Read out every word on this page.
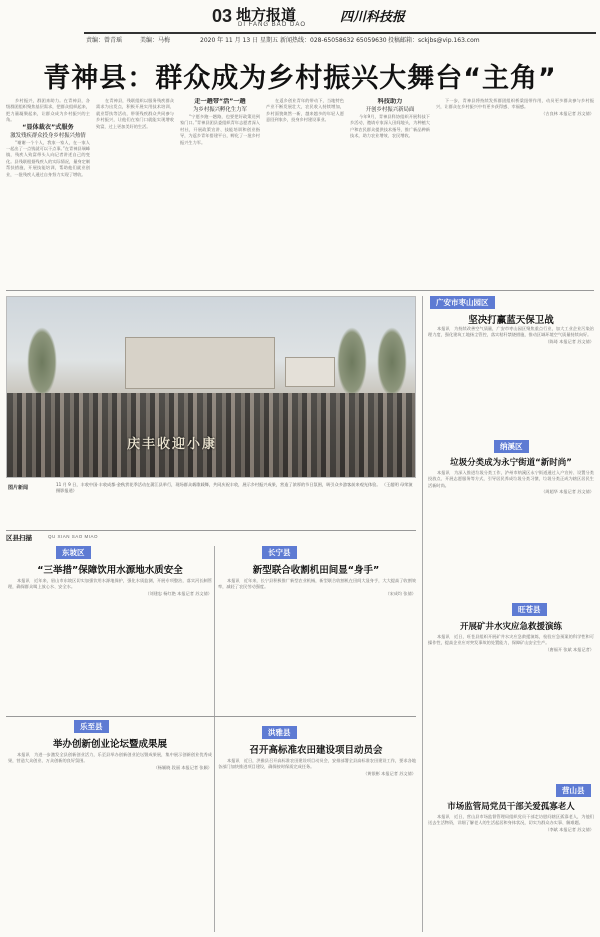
03 地方报道
DI FANG BAO DAO	四川科技报
责编：曾青瑶	美编：马梅	2020 年 11 月 13 日 星期五 新闻热线：028-65058632 65059630 投稿邮箱：sckjbs@vip.163.com
青神县：群众成为乡村振兴大舞台“主角”

乡村振兴，群团来助力。在青神县，各级群团组织聚焦基层需求，把群众组织起来，把力量凝聚起来，让群众成为乡村振兴的主角。

“显体裁衣”式服务
激发残疾群众投身乡村振兴热情

“谢谢一个个人，我家一家人，在一家人一起出了一点钱就可以干点事。”在青神县瑞峰镇，残疾人致富带头人向记者讲述自己的变化。县残联根据残疾人的实际情况，量身定制帮扶措施，开展技能培训，帮助他们就业创业，一批残疾人通过自身努力实现了增收。

在青神县，残联组织以服务残疾群众需求为出发点，积极开展实用技术培训、就业帮扶等活动，带领残疾群众共同参与乡村振兴，让他们在家门口就能实现增收致富，过上更加美好的生活。

走一趟带“活”一趟
为乡村振兴孵化生力军

“宁愿多跑一趟路，也要把好政策送到家门口。”青神县团县委组织青年志愿者深入村社，开展政策宣讲、技能培训和创业指导，为返乡青年搭建平台，孵化了一批乡村振兴生力军。

在返乡创业青年的带动下，当地特色产业不断发展壮大，农民收入持续增加，乡村面貌焕然一新，越来越多的年轻人愿意回到家乡，投身乡村建设事业。

科技助力
开创乡村振兴新局面

今年9月，青神县科协组织开展科技下乡活动，邀请专家深入田间地头，为种植大户和农民群众提供技术指导，推广新品种新技术，助力农业增效、农民增收。

下一步，青神县将持续发挥群团组织桥梁纽带作用，动员更多群众参与乡村振兴，让群众在乡村振兴中有更多获得感、幸福感。

（古良林 本报记者 苏文倩）

庆丰收迎小康
图片新闻
11 月 9 日，丰收中国·丰收成都·金秋赏花季活动在蒲江县举行，现场群众载歌载舞，共同庆祝丰收，展示乡村振兴成果，营造了浓厚的节日氛围，吸引众多游客前来观光体验。 （王超明 母荣演 摄影报道）
广安市枣山园区
坚决打赢蓝天保卫战

本报讯　为持续改善空气质量，广安市枣山园区聚焦重点行业，加大工业企业污染治理力度，强化建筑工地扬尘管控，落实秸秆禁烧措施，推动区域环境空气质量持续向好。

（陈琦 本报记者 苏文倩）

纳溪区
垃圾分类成为永宁街道“新时尚”

本报讯　为深入推进垃圾分类工作，泸州市纳溪区永宁街道通过入户宣传、设置分类投放点、开展志愿服务等方式，引导居民养成垃圾分类习惯，垃圾分类正成为辖区居民生活新时尚。

（周超华 本报记者 苏文倩）

旺苍县
开展矿井水灾应急救援演练

本报讯　近日，旺苍县组织开展矿井水灾应急救援演练，检验应急预案的科学性和可操作性，提高企业应对突发事故的处置能力，保障矿山安全生产。

（唐福开 张斌 本报记者）

营山县
市场监管局党员干部关爱孤寡老人

本报讯　近日，营山县市场监督管理局组织党员干部走访慰问辖区孤寡老人，为他们送去生活物资，详细了解老人的生活起居和身体状况，切实为群众办实事、解难题。

（李斌 本报记者 苏文倩）

区县扫描	QU XIAN SAO MIAO
东坡区
“三举措”保障饮用水源地水质安全

本报讯　近年来，眉山市东坡区切实加强饮用水源地保护，强化水质监测，开展专项整治，落实河长制管理，确保群众喝上放心水、安全水。

（刘建忠 杨红艳 本报记者 苏文倩）

长宁县
新型联合收割机田间显“身手”

本报讯　近年来，长宁县积极推广新型农业机械，新型联合收割机在田间大显身手，大大提高了收割效率，减轻了农民劳动强度。

（宋成均 张倩）

乐至县
举办创新创业论坛暨成果展

本报讯　为进一步激发全县创新创业活力，乐至县举办创新创业论坛暨成果展，集中展示创新创业优秀成果，营造大众创业、万众创新的良好氛围。

（杨颖晓 段丽 本报记者 张颖）

洪雅县
召开高标准农田建设项目动员会

本报讯　近日，洪雅县召开高标准农田建设项目动员会，安排部署全县高标准农田建设工作，要求各地各部门加快推进项目建设，确保按时保质完成任务。

（黄银彬 本报记者 苏文倩）
